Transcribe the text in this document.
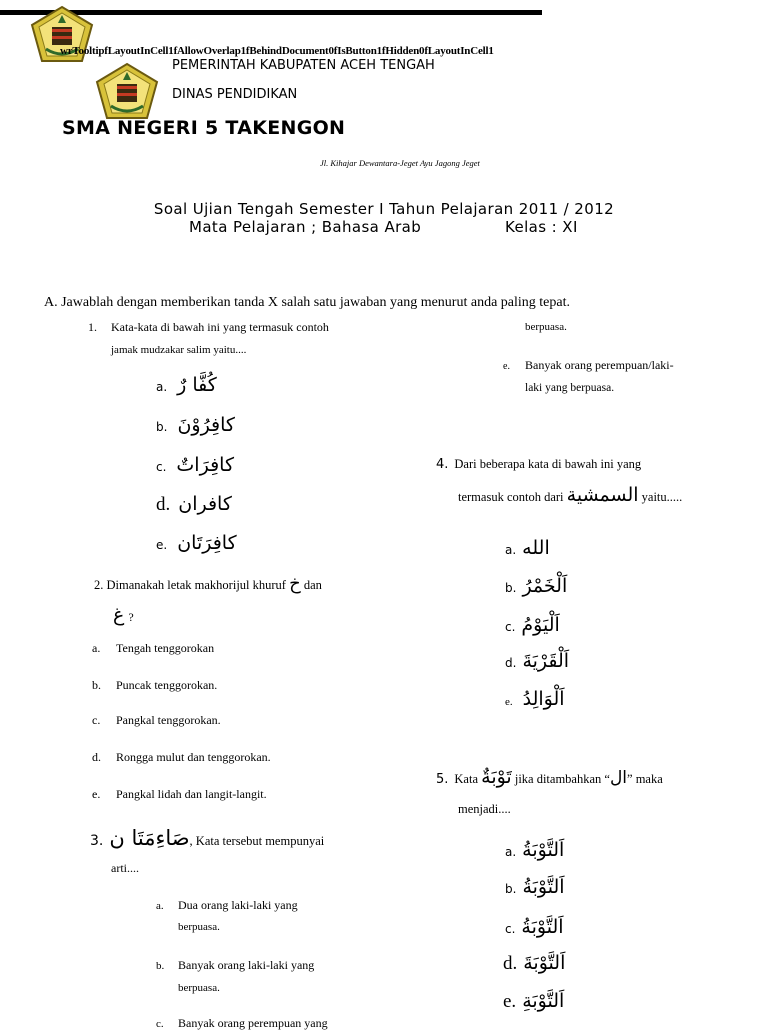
wrTooltipfLayoutInCell1fAllowOverlap1fBehindDocument0fIsButton1fHidden0fLayoutInCell1
PEMERINTAH KABUPATEN ACEH TENGAH
DINAS PENDIDIKAN
SMA NEGERI 5 TAKENGON
Jl. Kihajar Dewantara-Jeget Ayu Jagong Jeget
Soal Ujian Tengah Semester I Tahun Pelajaran 2011 / 2012
Mata Pelajaran ; Bahasa Arab	Kelas : XI
A. Jawablah dengan memberikan tanda X salah satu jawaban yang menurut anda paling tepat.
1. Kata-kata di bawah ini yang termasuk contoh
jamak mudzakar salim yaitu....
a. كُفَّا رٌ
b. كافِرُوْنَ
c. كافِرَاتٌ
d. كافران
e. كافِرَتَان
2. Dimanakah letak makhorijul khuruf خ dan
غ ?
a. Tengah tenggorokan
b. Puncak tenggorokan.
c. Pangkal tenggorokan.
d. Rongga mulut dan tenggorokan.
e. Pangkal lidah dan langit-langit.
3. صَاءِمَتَا ن, Kata tersebut mempunyai
arti....
a. Dua orang laki-laki yang
berpuasa.
b. Banyak orang laki-laki yang
berpuasa.
c. Banyak orang perempuan yang
berpuasa.
e. Banyak orang perempuan/laki-
laki yang berpuasa.
4. Dari beberapa kata di bawah ini yang
termasuk contoh dari السمشية yaitu.....
a. الله
b. اَلْخَمْرُ
c. اَلْيَوْمُ
d. اَلْقَرْيَةَ
e. اَلْوَالِدُ
5. Kata تَوْبَةٌ jika ditambahkan “ال” maka
menjadi....
a. اَلتَّوْبَةُ
b. اَلتَّوْبَةُ
c. اَلتَّوْبَةُ
d. اَلتَّوْبَةَ
e. اَلتَّوْبَةِ
